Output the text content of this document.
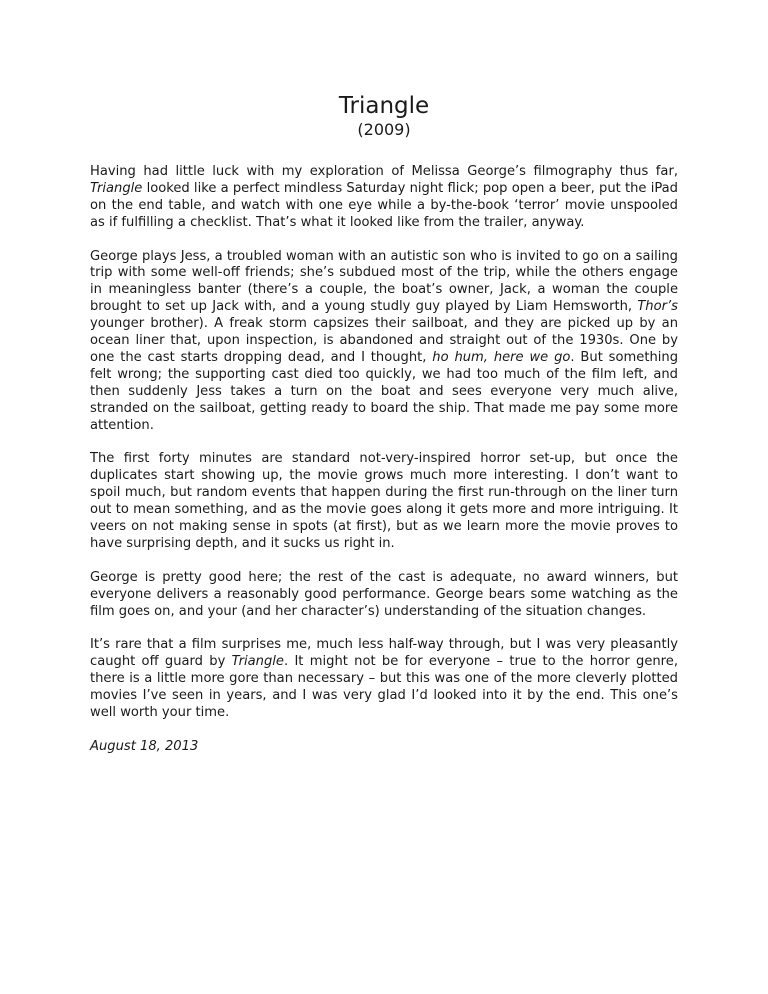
Triangle
(2009)

Having had little luck with my exploration of Melissa George’s filmography thus far, Triangle looked like a perfect mindless Saturday night flick; pop open a beer, put the iPad on the end table, and watch with one eye while a by-the-book ‘terror’ movie unspooled as if fulfilling a checklist. That’s what it looked like from the trailer, anyway.

George plays Jess, a troubled woman with an autistic son who is invited to go on a sailing trip with some well-off friends; she’s subdued most of the trip, while the others engage in meaningless banter (there’s a couple, the boat’s owner, Jack, a woman the couple brought to set up Jack with, and a young studly guy played by Liam Hemsworth, Thor’s younger brother). A freak storm capsizes their sailboat, and they are picked up by an ocean liner that, upon inspection, is abandoned and straight out of the 1930s. One by one the cast starts dropping dead, and I thought, ho hum, here we go. But something felt wrong; the supporting cast died too quickly, we had too much of the film left, and then suddenly Jess takes a turn on the boat and sees everyone very much alive, stranded on the sailboat, getting ready to board the ship. That made me pay some more attention.

The first forty minutes are standard not-very-inspired horror set-up, but once the duplicates start showing up, the movie grows much more interesting. I don’t want to spoil much, but random events that happen during the first run-through on the liner turn out to mean something, and as the movie goes along it gets more and more intriguing. It veers on not making sense in spots (at first), but as we learn more the movie proves to have surprising depth, and it sucks us right in.

George is pretty good here; the rest of the cast is adequate, no award winners, but everyone delivers a reasonably good performance. George bears some watching as the film goes on, and your (and her character’s) understanding of the situation changes.

It’s rare that a film surprises me, much less half-way through, but I was very pleasantly caught off guard by Triangle. It might not be for everyone – true to the horror genre, there is a little more gore than necessary – but this was one of the more cleverly plotted movies I’ve seen in years, and I was very glad I’d looked into it by the end. This one’s well worth your time.

August 18, 2013
